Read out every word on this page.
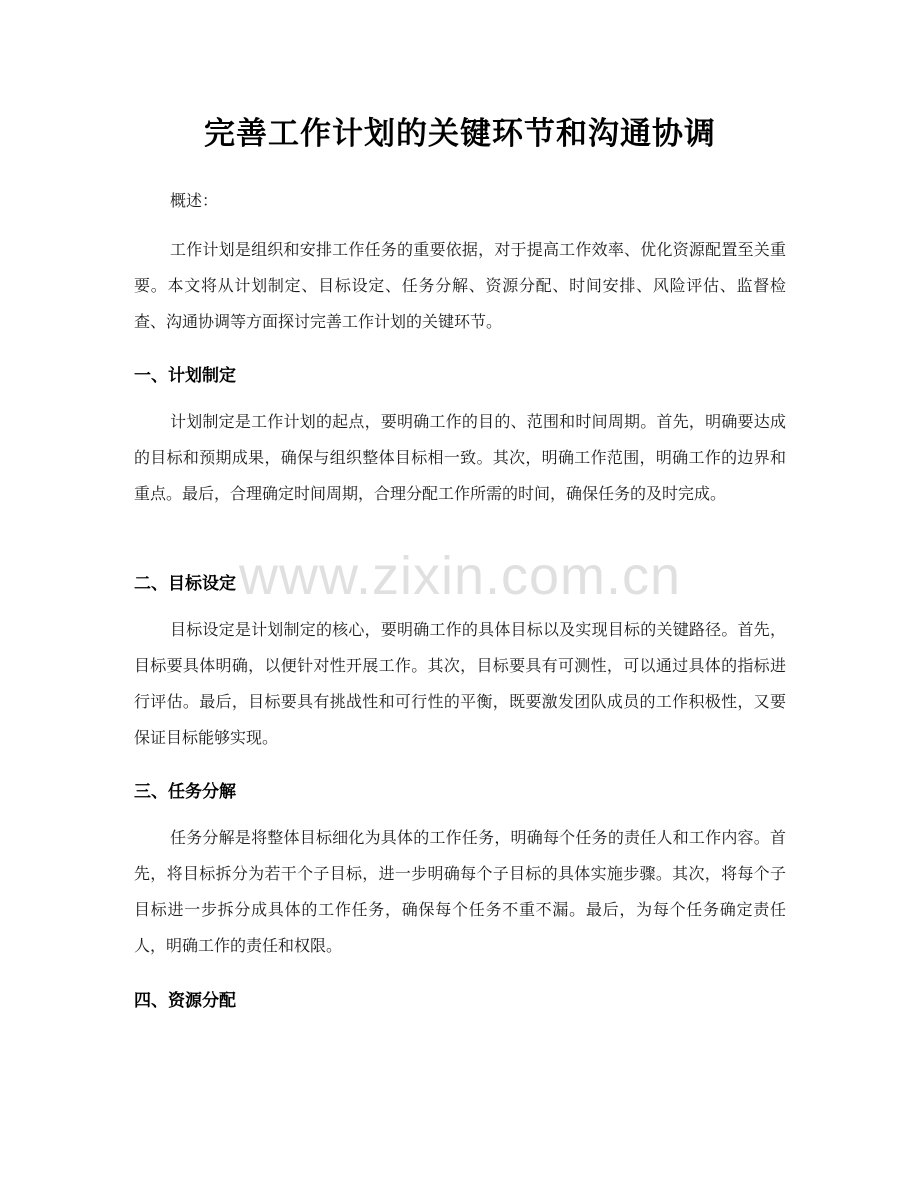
完善工作计划的关键环节和沟通协调
概述：

工作计划是组织和安排工作任务的重要依据，对于提高工作效率、优化资源配置至关重要。本文将从计划制定、目标设定、任务分解、资源分配、时间安排、风险评估、监督检查、沟通协调等方面探讨完善工作计划的关键环节。

一、计划制定

计划制定是工作计划的起点，要明确工作的目的、范围和时间周期。首先，明确要达成的目标和预期成果，确保与组织整体目标相一致。其次，明确工作范围，明确工作的边界和重点。最后，合理确定时间周期，合理分配工作所需的时间，确保任务的及时完成。

二、目标设定

目标设定是计划制定的核心，要明确工作的具体目标以及实现目标的关键路径。首先，目标要具体明确，以便针对性开展工作。其次，目标要具有可测性，可以通过具体的指标进行评估。最后，目标要具有挑战性和可行性的平衡，既要激发团队成员的工作积极性，又要保证目标能够实现。

三、任务分解

任务分解是将整体目标细化为具体的工作任务，明确每个任务的责任人和工作内容。首先，将目标拆分为若干个子目标，进一步明确每个子目标的具体实施步骤。其次，将每个子目标进一步拆分成具体的工作任务，确保每个任务不重不漏。最后，为每个任务确定责任人，明确工作的责任和权限。

四、资源分配
www.zixin.com.cn
